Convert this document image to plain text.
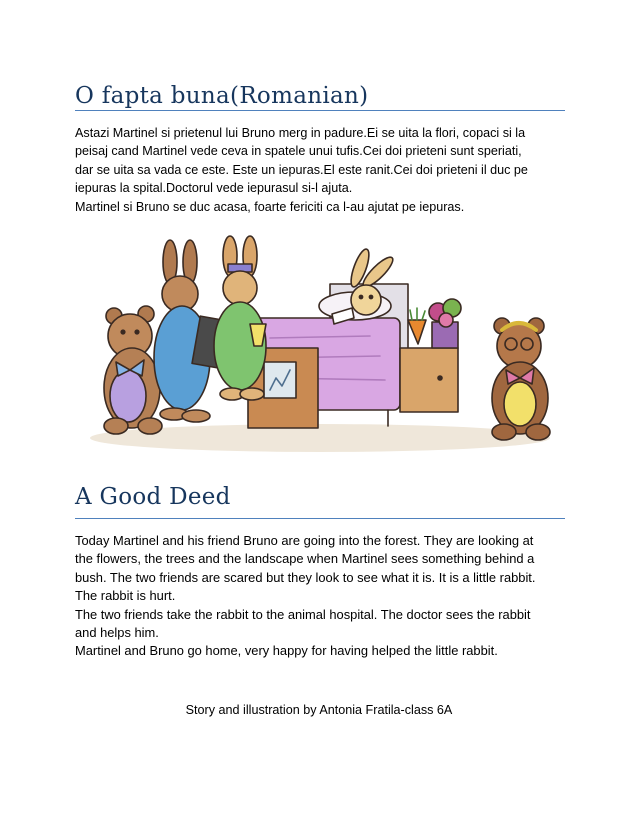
O fapta buna(Romanian)

Astazi Martinel si prietenul lui Bruno merg in padure.Ei se uita la flori, copaci si la

peisaj cand Martinel vede ceva in spatele unui tufis.Cei doi prieteni sunt speriati,

dar se uita sa vada ce este. Este un iepuras.El este ranit.Cei doi prieteni il duc pe

iepuras la spital.Doctorul vede iepurasul si-l ajuta.

Martinel si Bruno se duc acasa, foarte fericiti ca l-au ajutat pe iepuras.

A Good Deed

Today Martinel and his friend Bruno are going into the forest. They are looking at

the flowers, the trees and the landscape when Martinel sees something behind a

bush. The two friends are scared but they look to see what it is. It is a little rabbit.

The rabbit is hurt.

The two friends take the rabbit to the animal hospital. The doctor sees the rabbit

and helps him.

Martinel and Bruno go home, very happy for having helped the little rabbit.

Story and illustration by Antonia Fratila-class 6A
